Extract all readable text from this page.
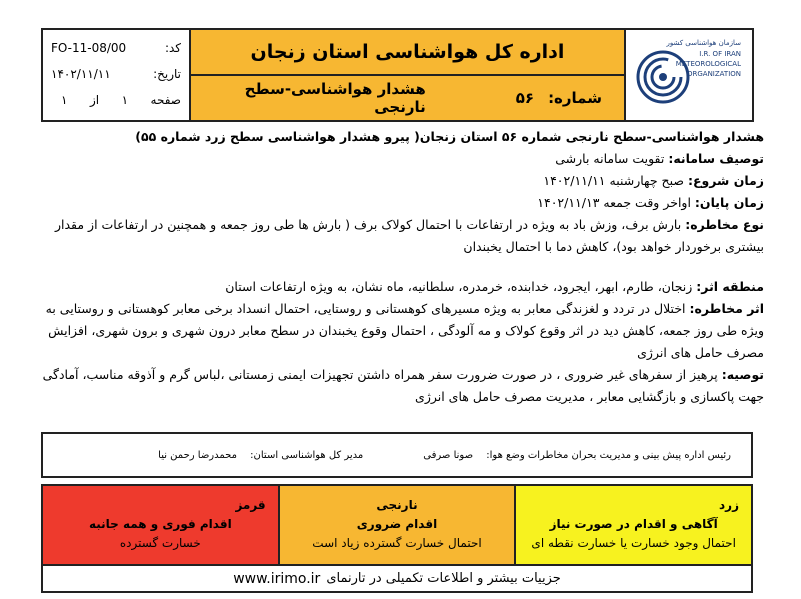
کد:
FO-11-08/00
تاریخ:
۱۴۰۲/۱۱/۱۱
صفحه
۱
از
۱
اداره کل هواشناسی استان زنجان
شماره:
۵۶
هشدار هواشناسی-سطح نارنجی
سازمان هواشناسی کشور
I.R. OF IRAN
METEOROLOGICAL
ORGANIZATION

هشدار هواشناسی-سطح نارنجی شماره ۵۶ استان زنجان( پیرو هشدار هواشناسی سطح زرد شماره ۵۵)

توصیف سامانه: تقویت سامانه بارشی

زمان شروع: صبح چهارشنبه ۱۴۰۲/۱۱/۱۱

زمان پایان: اواخر وقت جمعه ۱۴۰۲/۱۱/۱۳

نوع مخاطره: بارش برف، وزش باد به ویژه در ارتفاعات با احتمال کولاک برف ( بارش ها طی روز جمعه و همچنین در ارتفاعات از مقدار بیشتری برخوردار خواهد بود)، کاهش دما با احتمال یخبندان

منطقه اثر: زنجان، طارم، ابهر، ایجرود، خدابنده، خرمدره، سلطانیه، ماه نشان، به ویژه ارتفاعات استان

اثر مخاطره: اختلال در تردد و لغزندگی معابر به ویژه مسیرهای کوهستانی و روستایی، احتمال انسداد برخی معابر کوهستانی و روستایی به ویژه طی روز جمعه، کاهش دید در اثر وقوع کولاک و مه آلودگی ، احتمال وقوع یخبندان در سطح معابر درون شهری و برون شهری، افزایش مصرف حامل های انرژی

توصیه: پرهیز از سفرهای غیر ضروری ، در صورت ضرورت سفر همراه داشتن تجهیزات ایمنی زمستانی ،لباس گرم و آذوقه مناسب، آمادگی جهت پاکسازی و بازگشایی معابر ، مدیریت مصرف حامل های انرژی

رئیس اداره پیش بینی و مدیریت بحران مخاطرات وضع هوا: صونا صرفی
مدیر کل هواشناسی استان: محمدرضا رحمن نیا
زرد
آگاهی و اقدام در صورت نیاز
احتمال وجود خسارت یا خسارت نقطه ای
نارنجی
اقدام ضروری
احتمال خسارت گسترده زیاد است
قرمز
اقدام فوری و همه جانبه
خسارت گسترده
جزییات بیشتر و اطلاعات تکمیلی در تارنمای
www.irimo.ir
